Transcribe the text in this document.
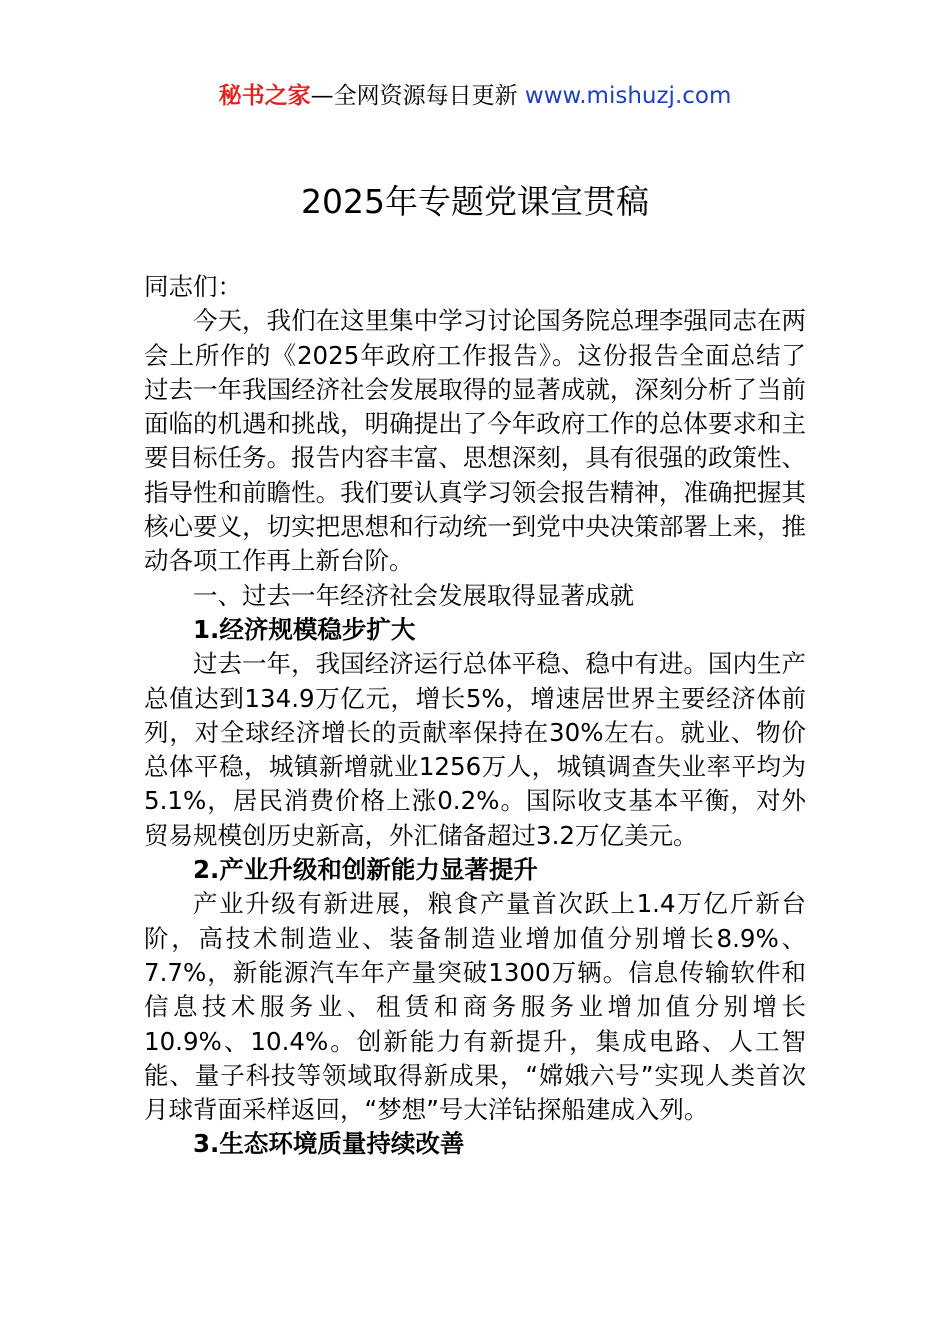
秘书之家—全网资源每日更新 www.mishuzj.com
2025年专题党课宣贯稿

同志们：

今天，我们在这里集中学习讨论国务院总理李强同志在两会上所作的《2025年政府工作报告》。这份报告全面总结了过去一年我国经济社会发展取得的显著成就，深刻分析了当前面临的机遇和挑战，明确提出了今年政府工作的总体要求和主要目标任务。报告内容丰富、思想深刻，具有很强的政策性、指导性和前瞻性。我们要认真学习领会报告精神，准确把握其核心要义，切实把思想和行动统一到党中央决策部署上来，推动各项工作再上新台阶。

一、过去一年经济社会发展取得显著成就

1.经济规模稳步扩大

过去一年，我国经济运行总体平稳、稳中有进。国内生产总值达到134.9万亿元，增长5%，增速居世界主要经济体前列，对全球经济增长的贡献率保持在30%左右。就业、物价总体平稳，城镇新增就业1256万人，城镇调查失业率平均为5.1%，居民消费价格上涨0.2%。国际收支基本平衡，对外贸易规模创历史新高，外汇储备超过3.2万亿美元。

2.产业升级和创新能力显著提升

产业升级有新进展，粮食产量首次跃上1.4万亿斤新台阶，高技术制造业、装备制造业增加值分别增长8.9%、7.7%，新能源汽车年产量突破1300万辆。信息传输软件和信息技术服务业、租赁和商务服务业增加值分别增长10.9%、10.4%。创新能力有新提升，集成电路、人工智能、量子科技等领域取得新成果，“嫦娥六号”实现人类首次月球背面采样返回，“梦想”号大洋钻探船建成入列。

3.生态环境质量持续改善
